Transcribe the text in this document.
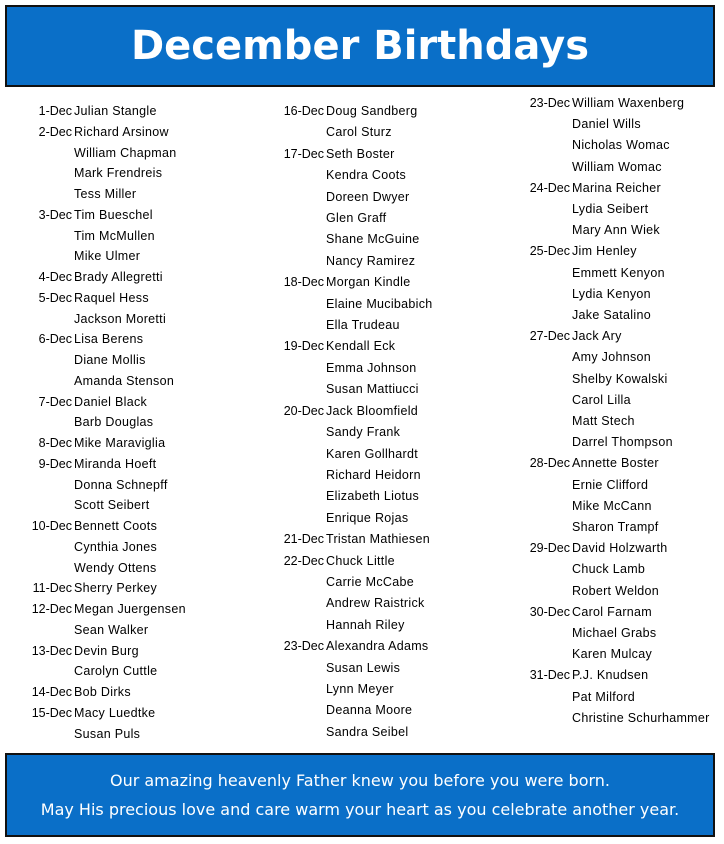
December Birthdays
1-Dec Julian Stangle
2-Dec Richard Arsinow
William Chapman
Mark Frendreis
Tess Miller
3-Dec Tim Bueschel
Tim McMullen
Mike Ulmer
4-Dec Brady Allegretti
5-Dec Raquel Hess
Jackson Moretti
6-Dec Lisa Berens
Diane Mollis
Amanda Stenson
7-Dec Daniel Black
Barb Douglas
8-Dec Mike Maraviglia
9-Dec Miranda Hoeft
Donna Schnepff
Scott Seibert
10-Dec Bennett Coots
Cynthia Jones
Wendy Ottens
11-Dec Sherry Perkey
12-Dec Megan Juergensen
Sean Walker
13-Dec Devin Burg
Carolyn Cuttle
14-Dec Bob Dirks
15-Dec Macy Luedtke
Susan Puls
16-Dec Doug Sandberg
Carol Sturz
17-Dec Seth Boster
Kendra Coots
Doreen Dwyer
Glen Graff
Shane McGuine
Nancy Ramirez
18-Dec Morgan Kindle
Elaine Mucibabich
Ella Trudeau
19-Dec Kendall Eck
Emma Johnson
Susan Mattiucci
20-Dec Jack Bloomfield
Sandy Frank
Karen Gollhardt
Richard Heidorn
Elizabeth Liotus
Enrique Rojas
21-Dec Tristan Mathiesen
22-Dec Chuck Little
Carrie McCabe
Andrew Raistrick
Hannah Riley
23-Dec Alexandra Adams
Susan Lewis
Lynn Meyer
Deanna Moore
Sandra Seibel
23-Dec William Waxenberg
Daniel Wills
Nicholas Womac
William Womac
24-Dec Marina Reicher
Lydia Seibert
Mary Ann Wiek
25-Dec Jim Henley
Emmett Kenyon
Lydia Kenyon
Jake Satalino
27-Dec Jack Ary
Amy Johnson
Shelby Kowalski
Carol Lilla
Matt Stech
Darrel Thompson
28-Dec Annette Boster
Ernie Clifford
Mike McCann
Sharon Trampf
29-Dec David Holzwarth
Chuck Lamb
Robert Weldon
30-Dec Carol Farnam
Michael Grabs
Karen Mulcay
31-Dec P.J. Knudsen
Pat Milford
Christine Schurhammer

Our amazing heavenly Father knew you before you were born.

May His precious love and care warm your heart as you celebrate another year.
